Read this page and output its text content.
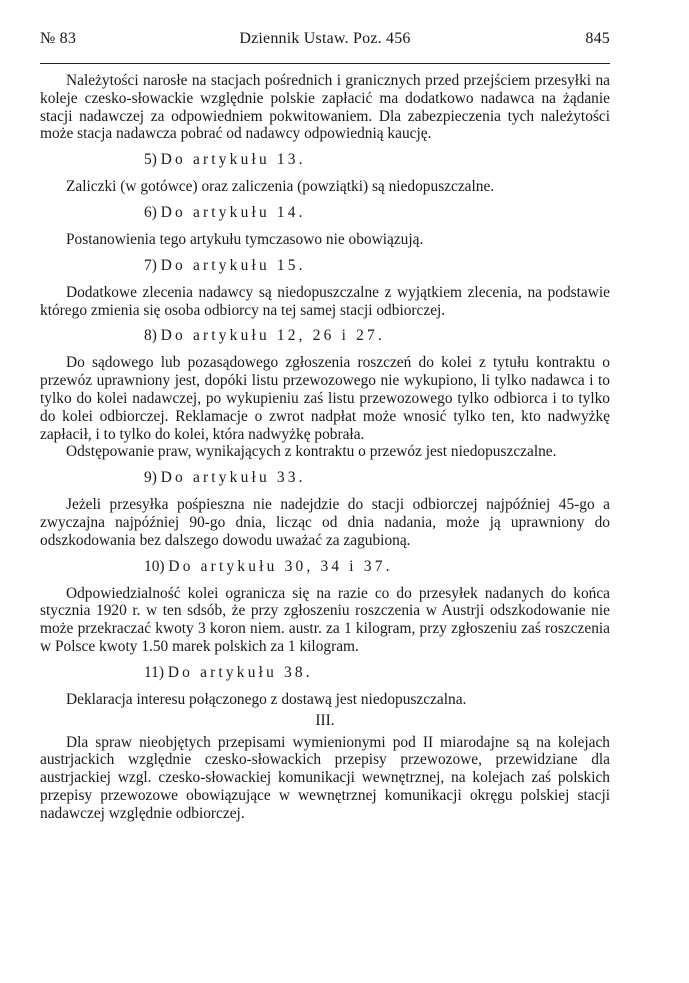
№ 83	Dziennik Ustaw. Poz. 456	845

Należytości narosłe na stacjach pośrednich i granicznych przed przejściem przesyłki na koleje czesko-słowackie względnie polskie zapłacić ma dodatkowo nadawca na żądanie stacji nadawczej za odpowiedniem pokwitowaniem. Dla zabezpieczenia tych należytości może stacja nadawcza pobrać od nadawcy odpowiednią kaucję.

5) Do artykułu 13.

Zaliczki (w gotówce) oraz zaliczenia (powziątki) są niedopuszczalne.

6) Do artykułu 14.

Postanowienia tego artykułu tymczasowo nie obowiązują.

7) Do artykułu 15.

Dodatkowe zlecenia nadawcy są niedopuszczalne z wyjątkiem zlecenia, na podstawie którego zmienia się osoba odbiorcy na tej samej stacji odbiorczej.

8) Do artykułu 12, 26 i 27.

Do sądowego lub pozasądowego zgłoszenia roszczeń do kolei z tytułu kontraktu o przewóz uprawniony jest, dopóki listu przewozowego nie wykupiono, li tylko nadawca i to tylko do kolei nadawczej, po wykupieniu zaś listu przewozowego tylko odbiorca i to tylko do kolei odbiorczej. Reklamacje o zwrot nadpłat może wnosić tylko ten, kto nadwyżkę zapłacił, i to tylko do kolei, która nadwyżkę pobrała.

Odstępowanie praw, wynikających z kontraktu o przewóz jest niedopuszczalne.

9) Do artykułu 33.

Jeżeli przesyłka pośpieszna nie nadejdzie do stacji odbiorczej najpóźniej 45-go a zwyczajna najpóźniej 90-go dnia, licząc od dnia nadania, może ją uprawniony do odszkodowania bez dalszego dowodu uważać za zagubioną.

10) Do artykułu 30, 34 i 37.

Odpowiedzialność kolei ogranicza się na razie co do przesyłek nadanych do końca stycznia 1920 r. w ten sdsób, że przy zgłoszeniu roszczenia w Austrji odszkodowanie nie może przekraczać kwoty 3 koron niem. austr. za 1 kilogram, przy zgłoszeniu zaś roszczenia w Polsce kwoty 1.50 marek polskich za 1 kilogram.

11) Do artykułu 38.

Deklaracja interesu połączonego z dostawą jest niedopuszczalna.

III.

Dla spraw nieobjętych przepisami wymienionymi pod II miarodajne są na kolejach austrjackich względnie czesko-słowackich przepisy przewozowe, przewidziane dla austrjackiej wzgl. czesko-słowackiej komunikacji wewnętrznej, na kolejach zaś polskich przepisy przewozowe obowiązujące w wewnętrznej komunikacji okręgu polskiej stacji nadawczej względnie odbiorczej.
